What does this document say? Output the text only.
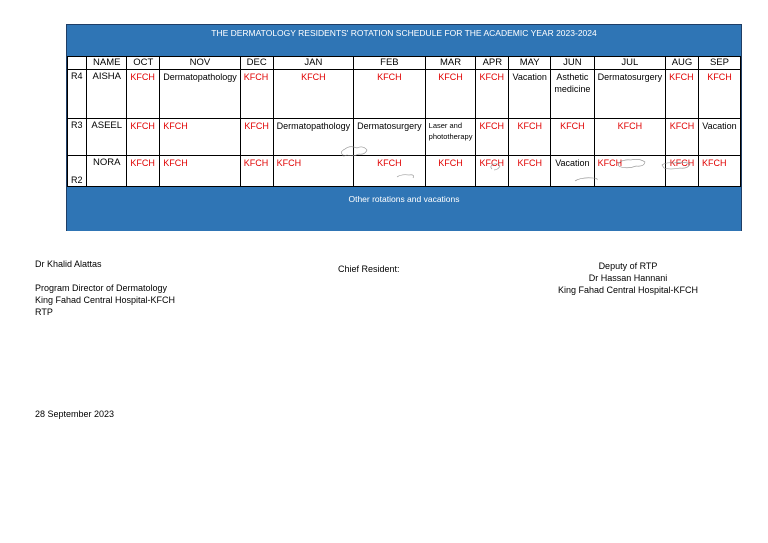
THE DERMATOLOGY RESIDENTS' ROTATION SCHEDULE FOR THE ACADEMIC YEAR 2023-2024
	NAME	OCT	NOV	DEC	JAN	FEB	MAR	APR	MAY	JUN	JUL	AUG	SEP
R4	AISHA	KFCH	Dermatopathology	KFCH	KFCH	KFCH	KFCH	KFCH	Vacation	Asthetic medicine	Dermatosurgery	KFCH	KFCH
R3	ASEEL	KFCH	KFCH	KFCH	Dermatopathology	Dermatosurgery	Laser and phototherapy	KFCH	KFCH	KFCH	KFCH	KFCH	Vacation
R2	NORA	KFCH	KFCH	KFCH	KFCH	KFCH	KFCH	KFCH	KFCH	Vacation	KFCH	KFCH	KFCH
Other rotations and vacations
Dr Khalid Alattas
Program Director of Dermatology
King Fahad Central Hospital-KFCH
RTP
Chief Resident:	Deputy of RTP
Dr Hassan Hannani
King Fahad Central Hospital-KFCH
28 September 2023
